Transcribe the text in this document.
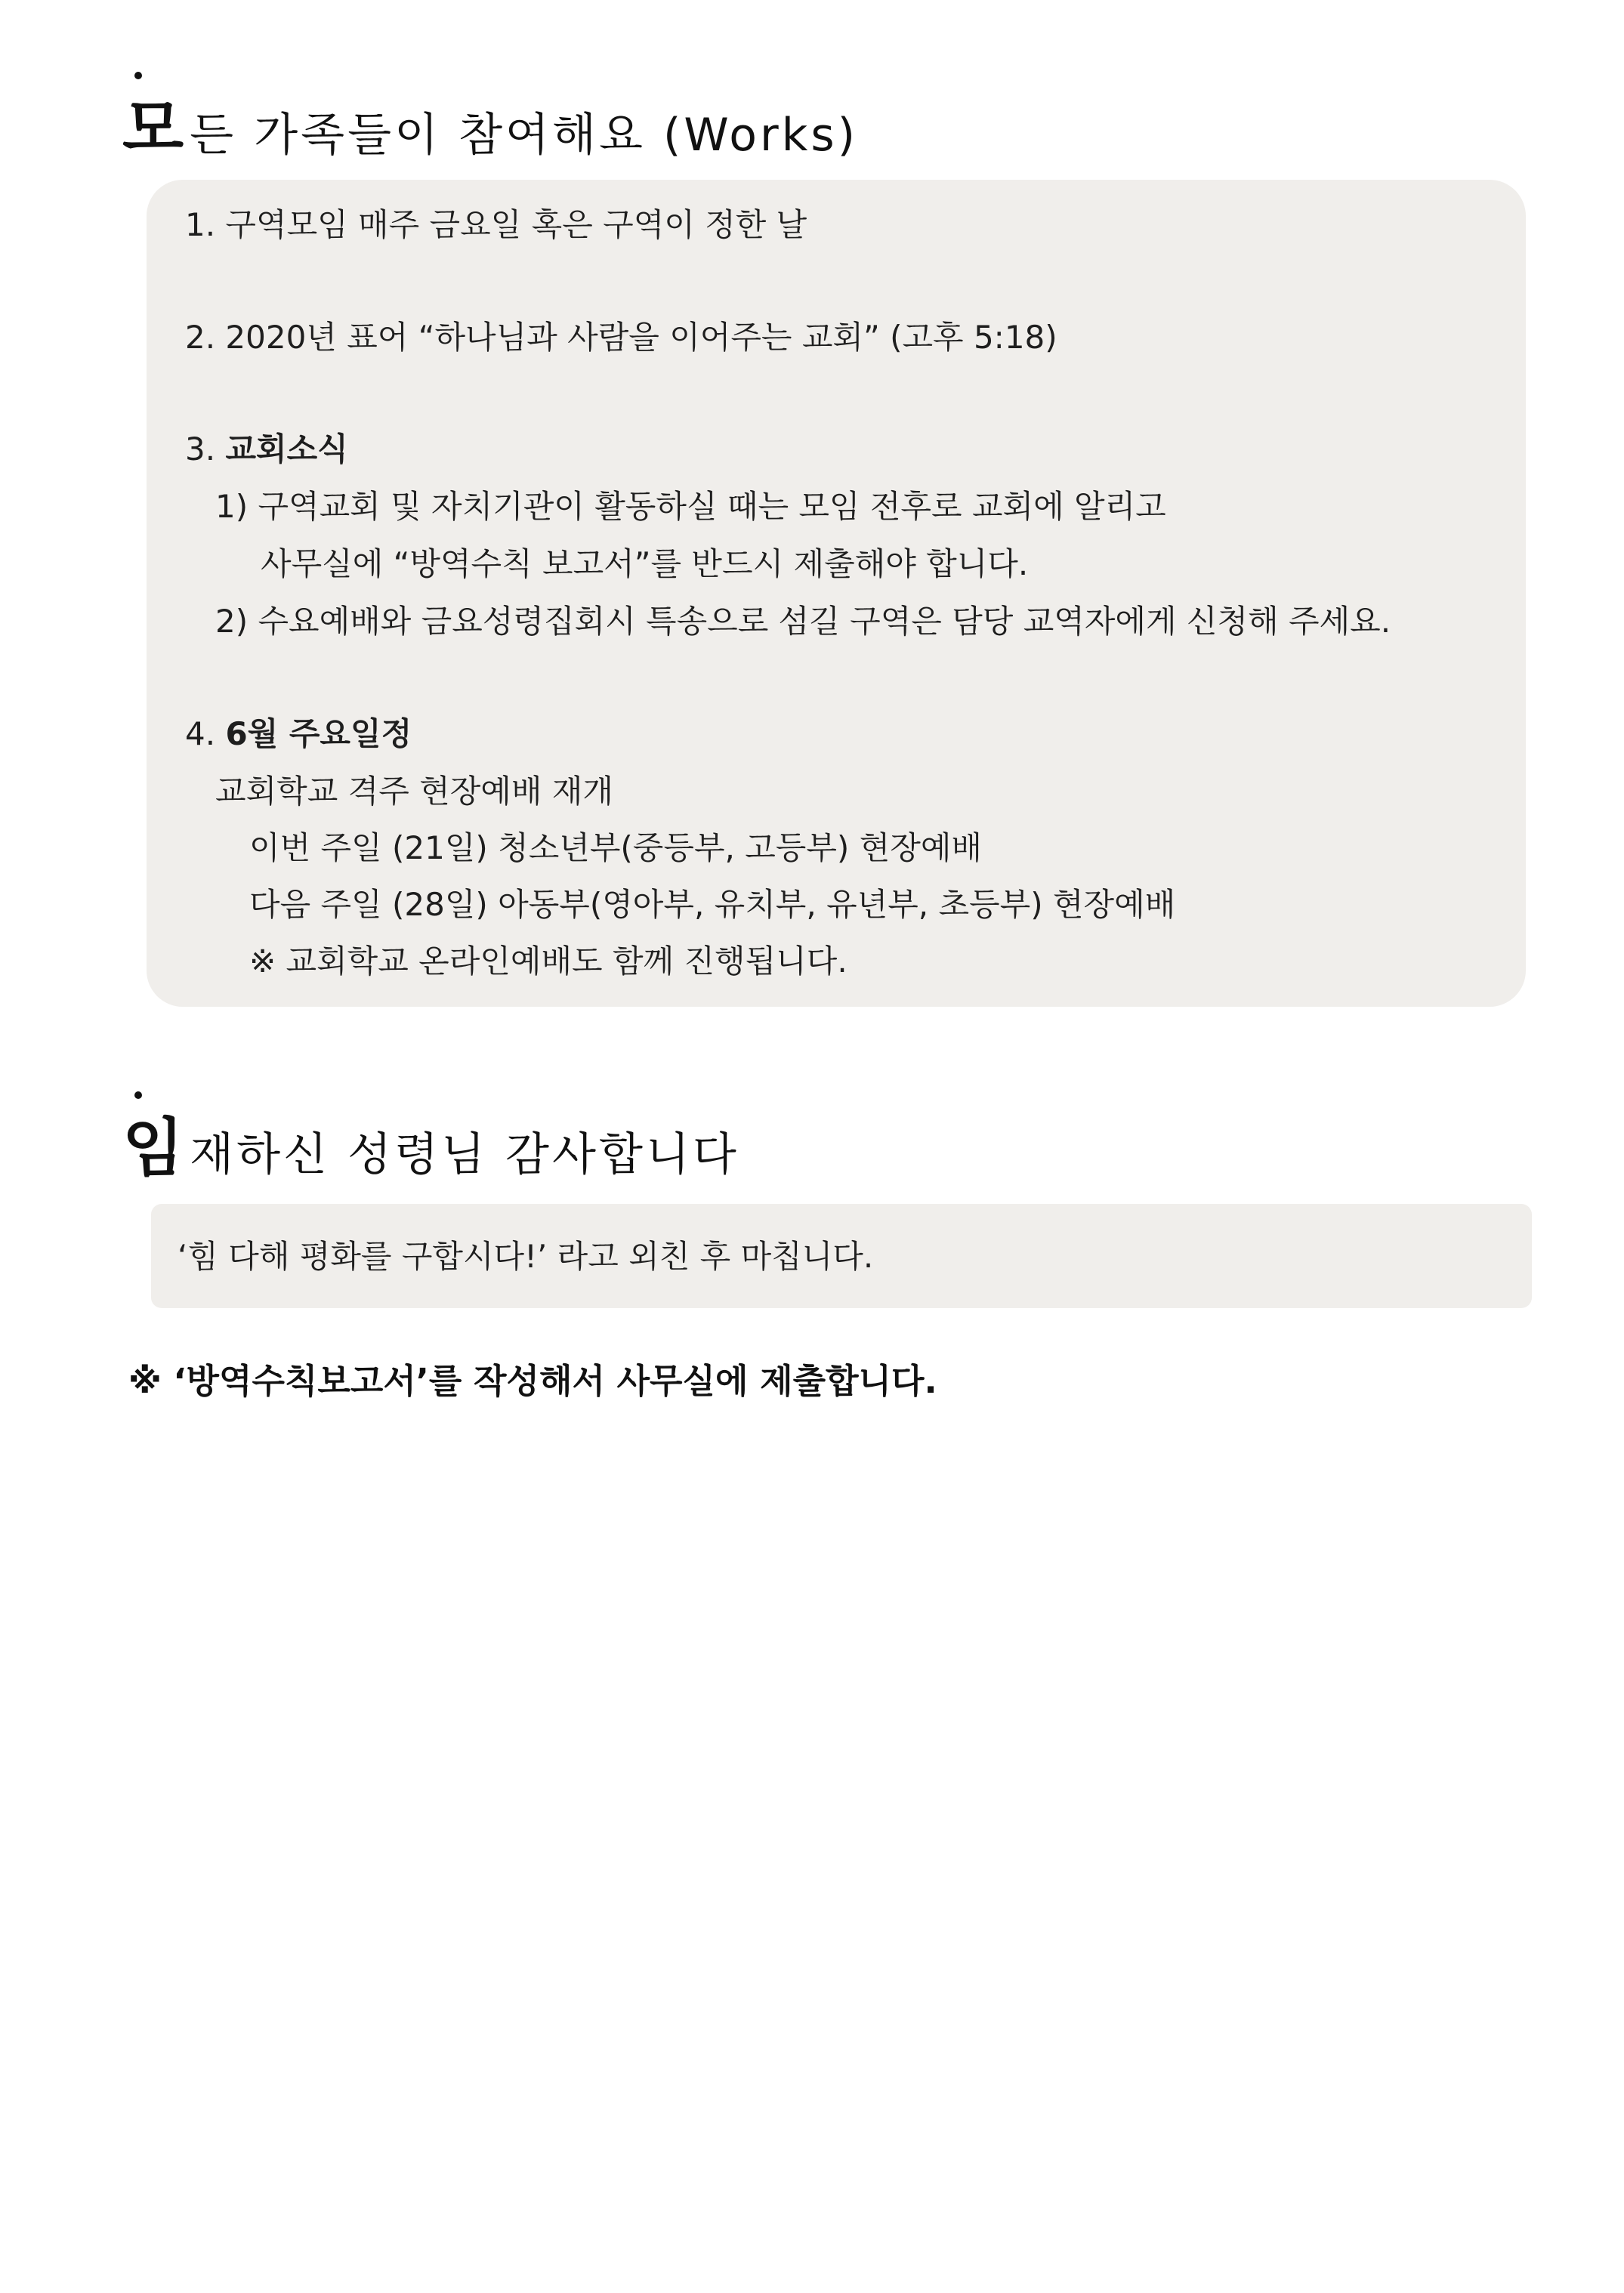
모든 가족들이 참여해요 (Works)

1. 구역모임 매주 금요일 혹은 구역이 정한 날

2. 2020년 표어 “하나님과 사람을 이어주는 교회” (고후 5:18)

3. 교회소식

1) 구역교회 및 자치기관이 활동하실 때는 모임 전후로 교회에 알리고

사무실에 “방역수칙 보고서”를 반드시 제출해야 합니다.

2) 수요예배와 금요성령집회시 특송으로 섬길 구역은 담당 교역자에게 신청해 주세요.

4. 6월 주요일정

교회학교 격주 현장예배 재개

이번 주일 (21일) 청소년부(중등부, 고등부) 현장예배

다음 주일 (28일) 아동부(영아부, 유치부, 유년부, 초등부) 현장예배

※ 교회학교 온라인예배도 함께 진행됩니다.

임재하신 성령님 감사합니다

‘힘 다해 평화를 구합시다!’ 라고 외친 후 마칩니다.

※ ‘방역수칙보고서’를 작성해서 사무실에 제출합니다.
